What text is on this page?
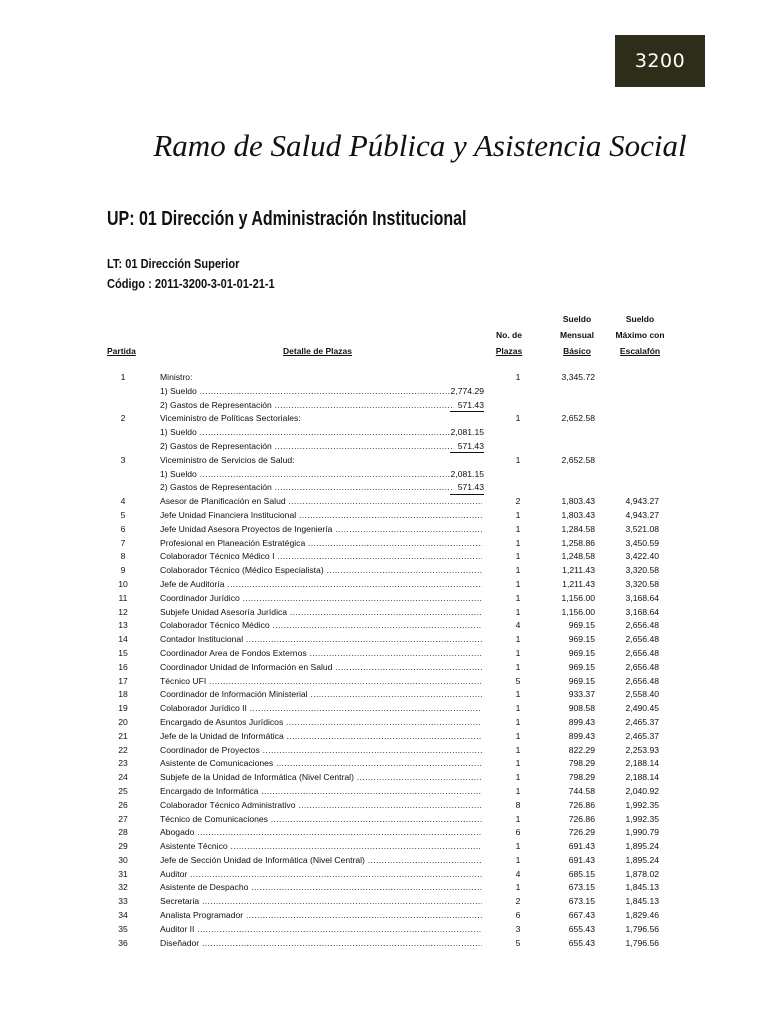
3200
Ramo de Salud Pública y Asistencia Social
UP: 01 Dirección y Administración Institucional
LT: 01 Dirección Superior
Código : 2011-3200-3-01-01-21-1
Partida	Detalle de Plazas
No. de
Plazas
Sueldo
Mensual
Básico
Sueldo
Máximo con
Escalafón
1	Ministro:	1	3,345.72
1) Sueldo .....	2,774.29
2) Gastos de Representación .....	571.43
2	Viceministro de Políticas Sectoriales:	1	2,652.58
1) Sueldo .....	2,081.15
2) Gastos de Representación .....	571.43
3	Viceministro de Servicios de Salud:	1	2,652.58
1) Sueldo .....	2,081.15
2) Gastos de Representación .....	571.43
4	Asesor de Planificación en Salud .....	2	1,803.43	4,943.27
5	Jefe Unidad Financiera Institucional .....	1	1,803.43	4,943.27
6	Jefe Unidad Asesora Proyectos de Ingeniería .....	1	1,284.58	3,521.08
7	Profesional en Planeación Estratégica .....	1	1,258.86	3,450.59
8	Colaborador Técnico Médico I .....	1	1,248.58	3,422.40
9	Colaborador Técnico (Médico Especialista) .....	1	1,211.43	3,320.58
10	Jefe de Auditoría .....	1	1,211.43	3,320.58
11	Coordinador Jurídico .....	1	1,156.00	3,168.64
12	Subjefe Unidad Asesoría Jurídica .....	1	1,156.00	3,168.64
13	Colaborador Técnico Médico .....	4	969.15	2,656.48
14	Contador Institucional .....	1	969.15	2,656.48
15	Coordinador Area de Fondos Externos .....	1	969.15	2,656.48
16	Coordinador Unidad de Información en Salud .....	1	969.15	2,656.48
17	Técnico UFI .....	5	969.15	2,656.48
18	Coordinador de Información Ministerial .....	1	933.37	2,558.40
19	Colaborador Jurídico II .....	1	908.58	2,490.45
20	Encargado de Asuntos Jurídicos .....	1	899.43	2,465.37
21	Jefe de la Unidad de Informática .....	1	899.43	2,465.37
22	Coordinador de Proyectos .....	1	822.29	2,253.93
23	Asistente de Comunicaciones .....	1	798.29	2,188.14
24	Subjefe de la Unidad de Informática (Nivel Central) .....	1	798.29	2,188.14
25	Encargado de Informática .....	1	744.58	2,040.92
26	Colaborador Técnico Administrativo .....	8	726.86	1,992.35
27	Técnico de Comunicaciones .....	1	726.86	1,992.35
28	Abogado .....	6	726.29	1,990.79
29	Asistente Técnico .....	1	691.43	1,895.24
30	Jefe de Sección Unidad de Informática (Nivel Central) .....	1	691.43	1,895.24
31	Auditor .....	4	685.15	1,878.02
32	Asistente de Despacho .....	1	673.15	1,845.13
33	Secretaria .....	2	673.15	1,845.13
34	Analista Programador .....	6	667.43	1,829.46
35	Auditor II .....	3	655.43	1,796.56
36	Diseñador .....	5	655.43	1,796.56
